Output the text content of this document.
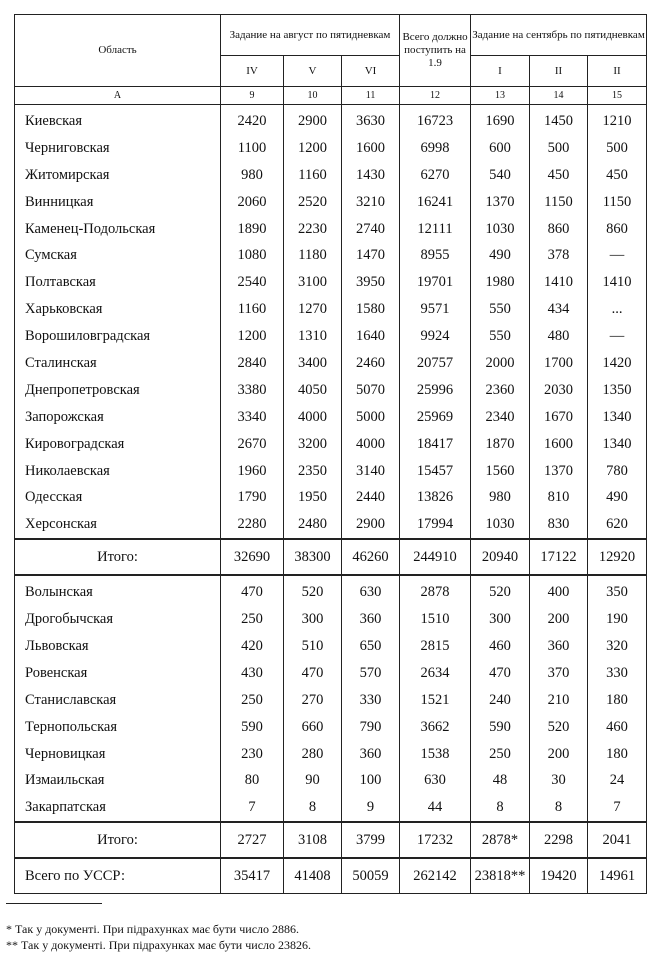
Область	Задание на август по пятидневкам			Всего должно поступить на 1.9	Задание на сентябрь по пятидневкам		
	IV	V	VI		I	II	II
А	9	10	11	12	13	14	15
Киевская	2420	2900	3630	16723	1690	1450	1210
Черниговская	1100	1200	1600	6998	600	500	500
Житомирская	980	1160	1430	6270	540	450	450
Винницкая	2060	2520	3210	16241	1370	1150	1150
Каменец-Подольская	1890	2230	2740	12111	1030	860	860
Сумская	1080	1180	1470	8955	490	378	—
Полтавская	2540	3100	3950	19701	1980	1410	1410
Харьковская	1160	1270	1580	9571	550	434	...
Ворошиловградская	1200	1310	1640	9924	550	480	—
Сталинская	2840	3400	2460	20757	2000	1700	1420
Днепропетровская	3380	4050	5070	25996	2360	2030	1350
Запорожская	3340	4000	5000	25969	2340	1670	1340
Кировоградская	2670	3200	4000	18417	1870	1600	1340
Николаевская	1960	2350	3140	15457	1560	1370	780
Одесская	1790	1950	2440	13826	980	810	490
Херсонская	2280	2480	2900	17994	1030	830	620
Итого:	32690	38300	46260	244910	20940	17122	12920
Волынская	470	520	630	2878	520	400	350
Дрогобычская	250	300	360	1510	300	200	190
Львовская	420	510	650	2815	460	360	320
Ровенская	430	470	570	2634	470	370	330
Станиславская	250	270	330	1521	240	210	180
Тернопольская	590	660	790	3662	590	520	460
Черновицкая	230	280	360	1538	250	200	180
Измаильская	80	90	100	630	48	30	24
Закарпатская	7	8	9	44	8	8	7
Итого:	2727	3108	3799	17232	2878*	2298	2041
Всего по УССР:	35417	41408	50059	262142	23818**	19420	14961
* Так у документі. При підрахунках має бути число 2886.
** Так у документі. При підрахунках має бути число 23826.
